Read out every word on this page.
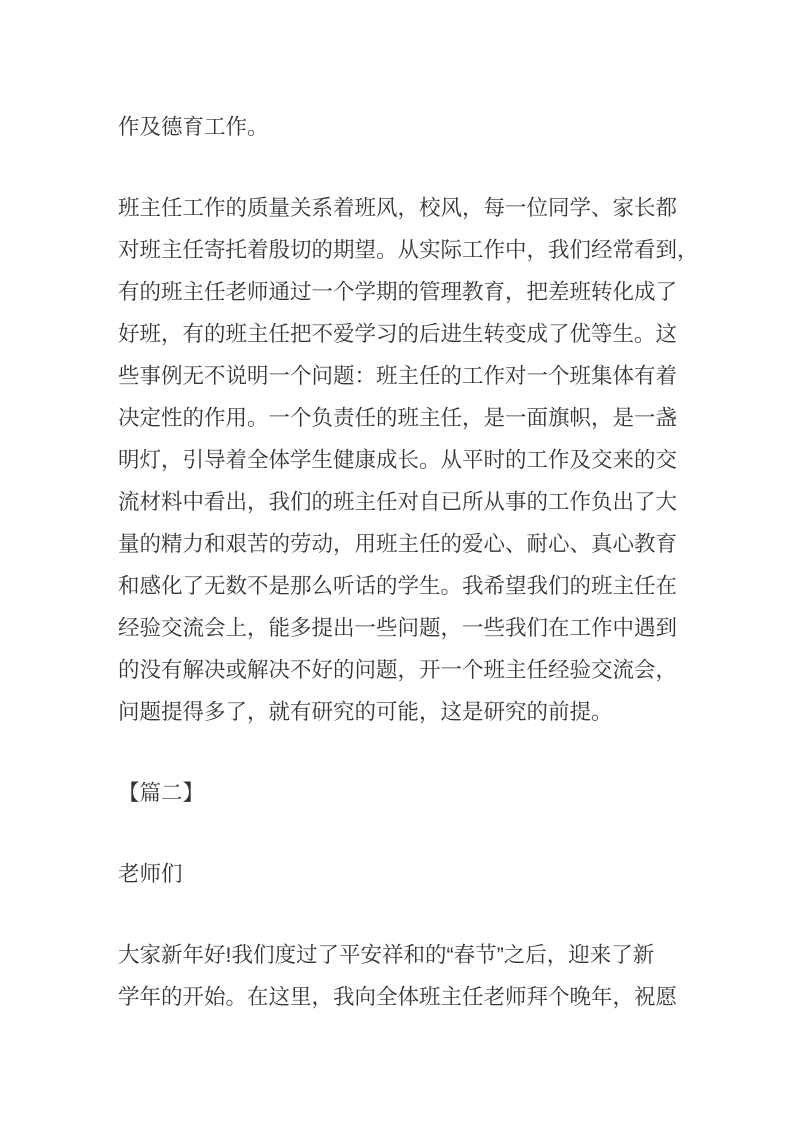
作及德育工作。
班主任工作的质量关系着班风，校风，每一位同学、家长都
对班主任寄托着殷切的期望。从实际工作中，我们经常看到，
有的班主任老师通过一个学期的管理教育，把差班转化成了
好班，有的班主任把不爱学习的后进生转变成了优等生。这
些事例无不说明一个问题：班主任的工作对一个班集体有着
决定性的作用。一个负责任的班主任，是一面旗帜，是一盏
明灯，引导着全体学生健康成长。从平时的工作及交来的交
流材料中看出，我们的班主任对自已所从事的工作负出了大
量的精力和艰苦的劳动，用班主任的爱心、耐心、真心教育
和感化了无数不是那么听话的学生。我希望我们的班主任在
经验交流会上，能多提出一些问题，一些我们在工作中遇到
的没有解决或解决不好的问题，开一个班主任经验交流会，
问题提得多了，就有研究的可能，这是研究的前提。
【篇二】
老师们
大家新年好!我们度过了平安祥和的“春节”之后，迎来了新
学年的开始。在这里，我向全体班主任老师拜个晚年，祝愿
